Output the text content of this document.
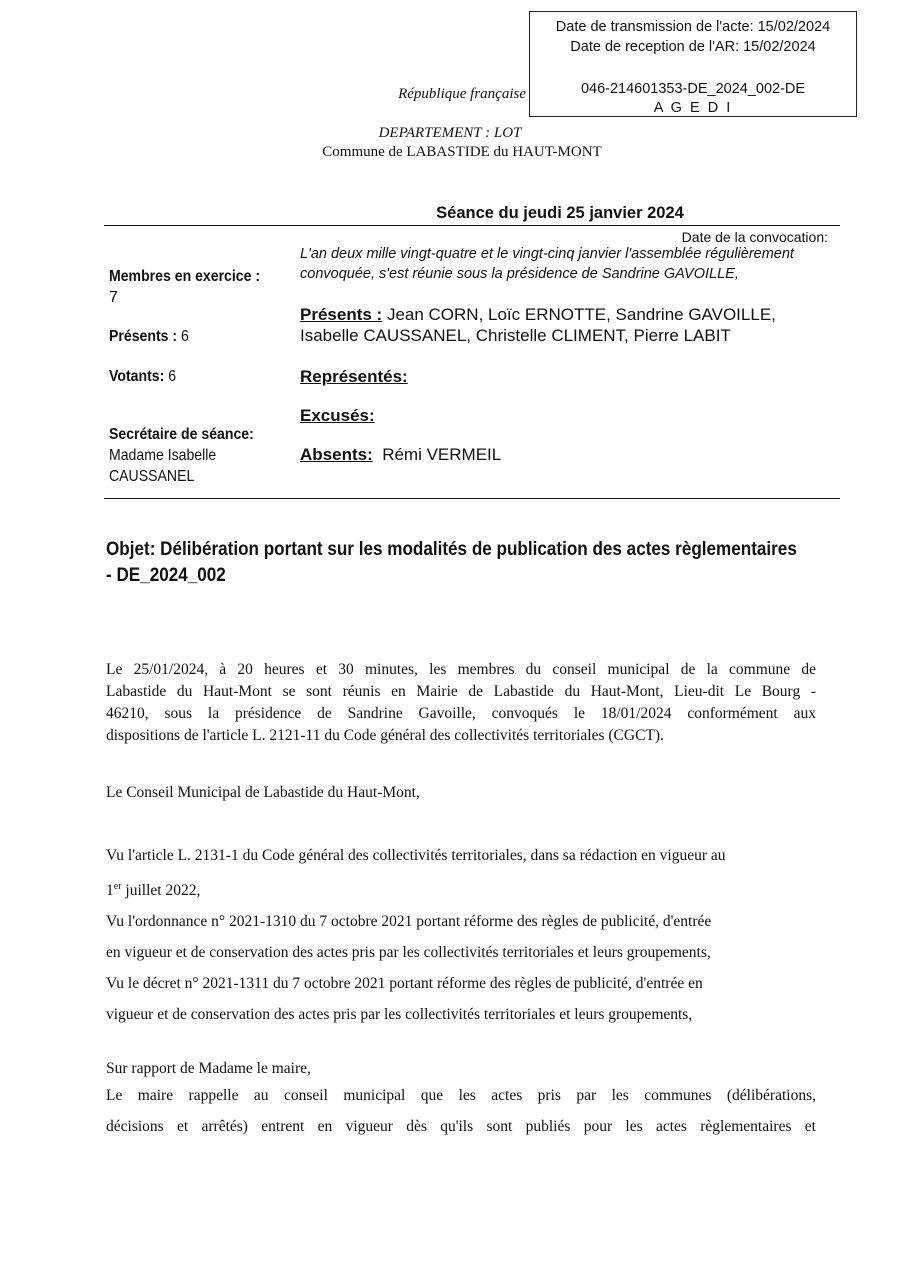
Date de transmission de l'acte: 15/02/2024
Date de reception de l'AR: 15/02/2024
046-214601353-DE_2024_002-DE
A G E D I
République française
DEPARTEMENT : LOT
Commune de LABASTIDE du HAUT-MONT
Séance du jeudi 25 janvier 2024
Date de la convocation:
L'an deux mille vingt-quatre et le vingt-cinq janvier l'assemblée régulièrement
convoquée, s'est réunie sous la présidence de Sandrine GAVOILLE,
Membres en exercice :
7
Présents : 6
Votants: 6
Secrétaire de séance:
Madame Isabelle
CAUSSANEL
Présents : Jean CORN, Loïc ERNOTTE, Sandrine GAVOILLE,
Isabelle CAUSSANEL, Christelle CLIMENT, Pierre LABIT
Représentés:
Excusés:
Absents: Rémi VERMEIL
Objet: Délibération portant sur les modalités de publication des actes règlementaires
- DE_2024_002
Le 25/01/2024, à 20 heures et 30 minutes, les membres du conseil municipal de la commune de
Labastide du Haut-Mont se sont réunis en Mairie de Labastide du Haut-Mont, Lieu-dit Le Bourg -
46210, sous la présidence de Sandrine Gavoille, convoqués le 18/01/2024 conformément aux
dispositions de l'article L. 2121-11 du Code général des collectivités territoriales (CGCT).
Le Conseil Municipal de Labastide du Haut-Mont,
Vu l'article L. 2131-1 du Code général des collectivités territoriales, dans sa rédaction en vigueur au
1er juillet 2022,
Vu l'ordonnance n° 2021-1310 du 7 octobre 2021 portant réforme des règles de publicité, d'entrée
en vigueur et de conservation des actes pris par les collectivités territoriales et leurs groupements,
Vu le décret n° 2021-1311 du 7 octobre 2021 portant réforme des règles de publicité, d'entrée en
vigueur et de conservation des actes pris par les collectivités territoriales et leurs groupements,
Sur rapport de Madame le maire,
Le maire rappelle au conseil municipal que les actes pris par les communes (délibérations,
décisions et arrêtés) entrent en vigueur dès qu'ils sont publiés pour les actes règlementaires et
